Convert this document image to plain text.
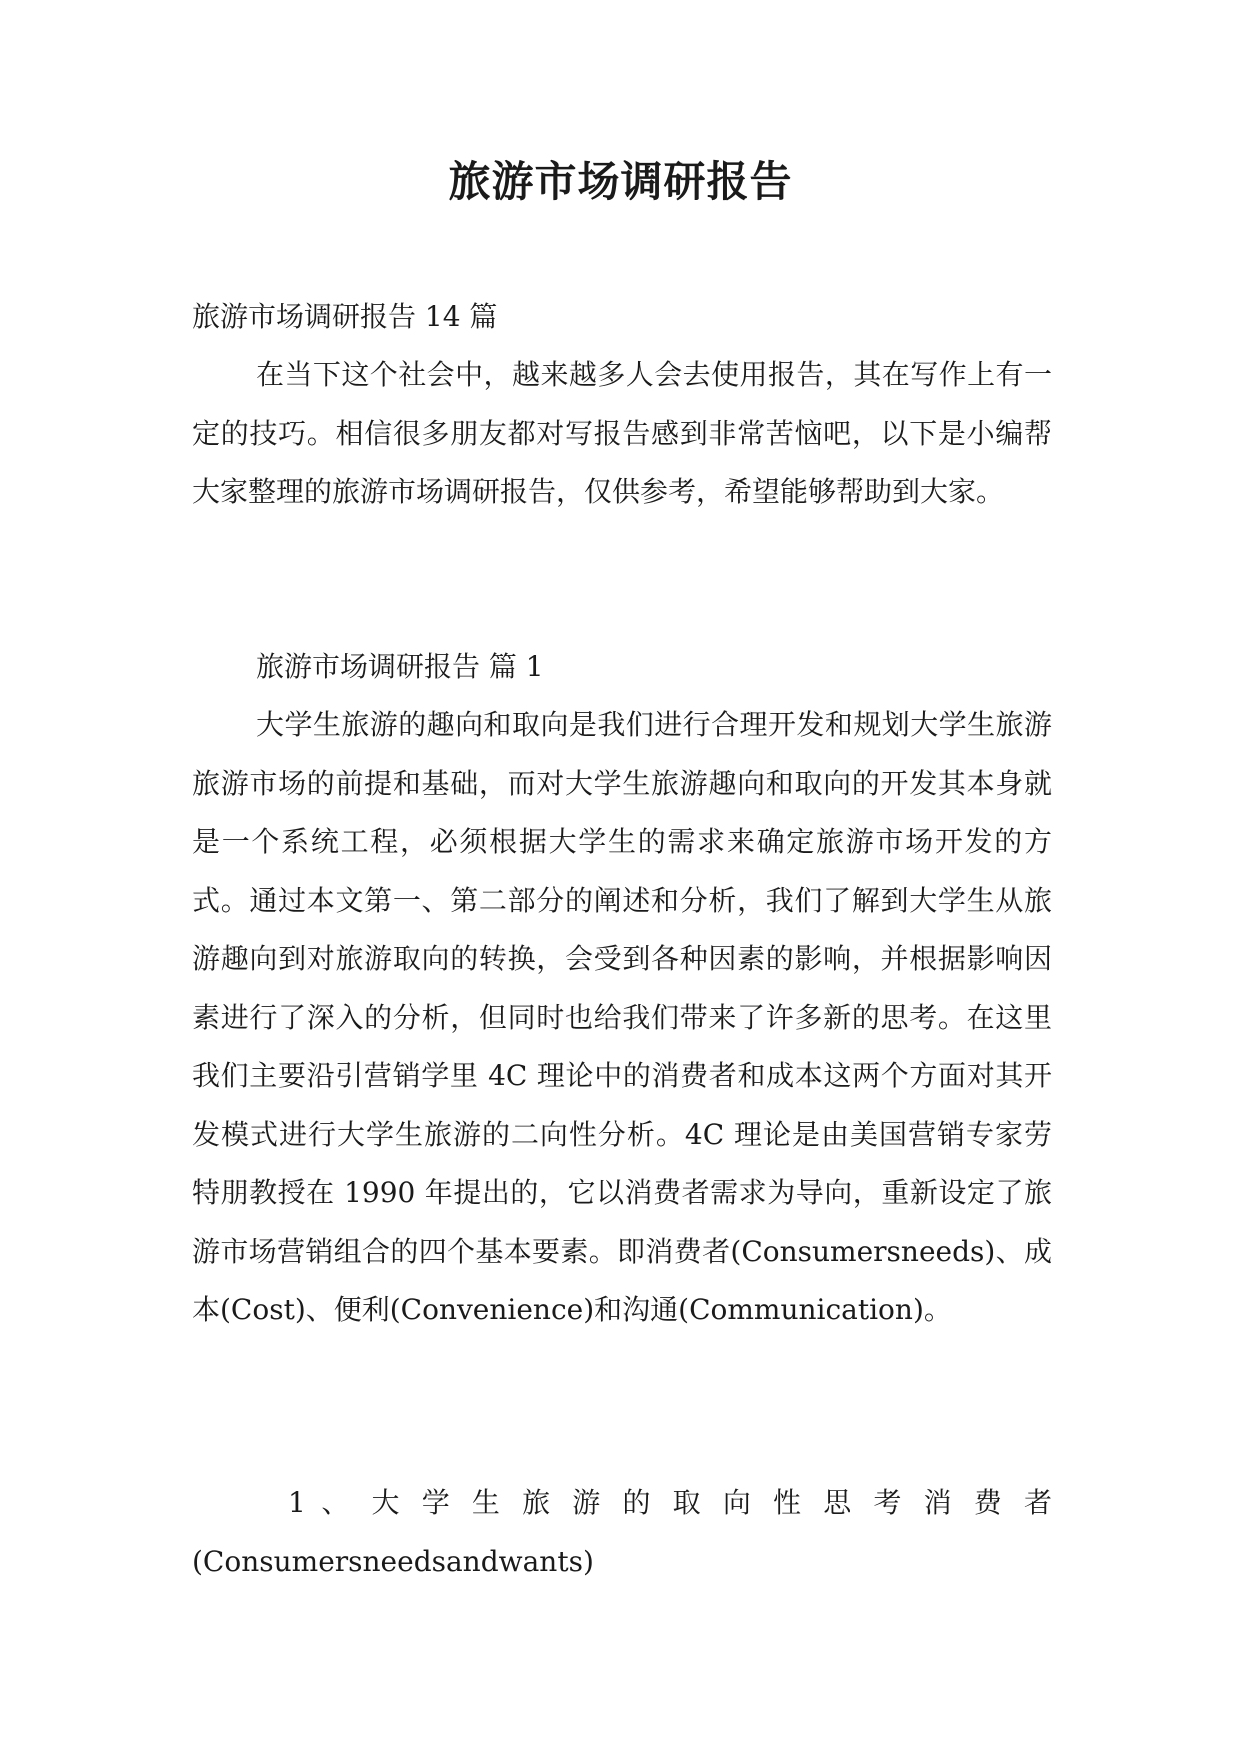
旅游市场调研报告

旅游市场调研报告 14 篇

在当下这个社会中，越来越多人会去使用报告，其在写作上有一定的技巧。相信很多朋友都对写报告感到非常苦恼吧，以下是小编帮大家整理的旅游市场调研报告，仅供参考，希望能够帮助到大家。

旅游市场调研报告 篇 1

大学生旅游的趣向和取向是我们进行合理开发和规划大学生旅游旅游市场的前提和基础，而对大学生旅游趣向和取向的开发其本身就是一个系统工程，必须根据大学生的需求来确定旅游市场开发的方式。通过本文第一、第二部分的阐述和分析，我们了解到大学生从旅游趣向到对旅游取向的转换，会受到各种因素的影响，并根据影响因素进行了深入的分析，但同时也给我们带来了许多新的思考。在这里我们主要沿引营销学里 4C 理论中的消费者和成本这两个方面对其开发模式进行大学生旅游的二向性分析。4C 理论是由美国营销专家劳特朋教授在 1990 年提出的，它以消费者需求为导向，重新设定了旅游市场营销组合的四个基本要素。即消费者(Consumersneeds)、成本(Cost)、便利(Convenience)和沟通(Communication)。

1 、 大 学 生 旅 游 的 取 向 性 思 考 消 费 者 (Consumersneedsandwants)
